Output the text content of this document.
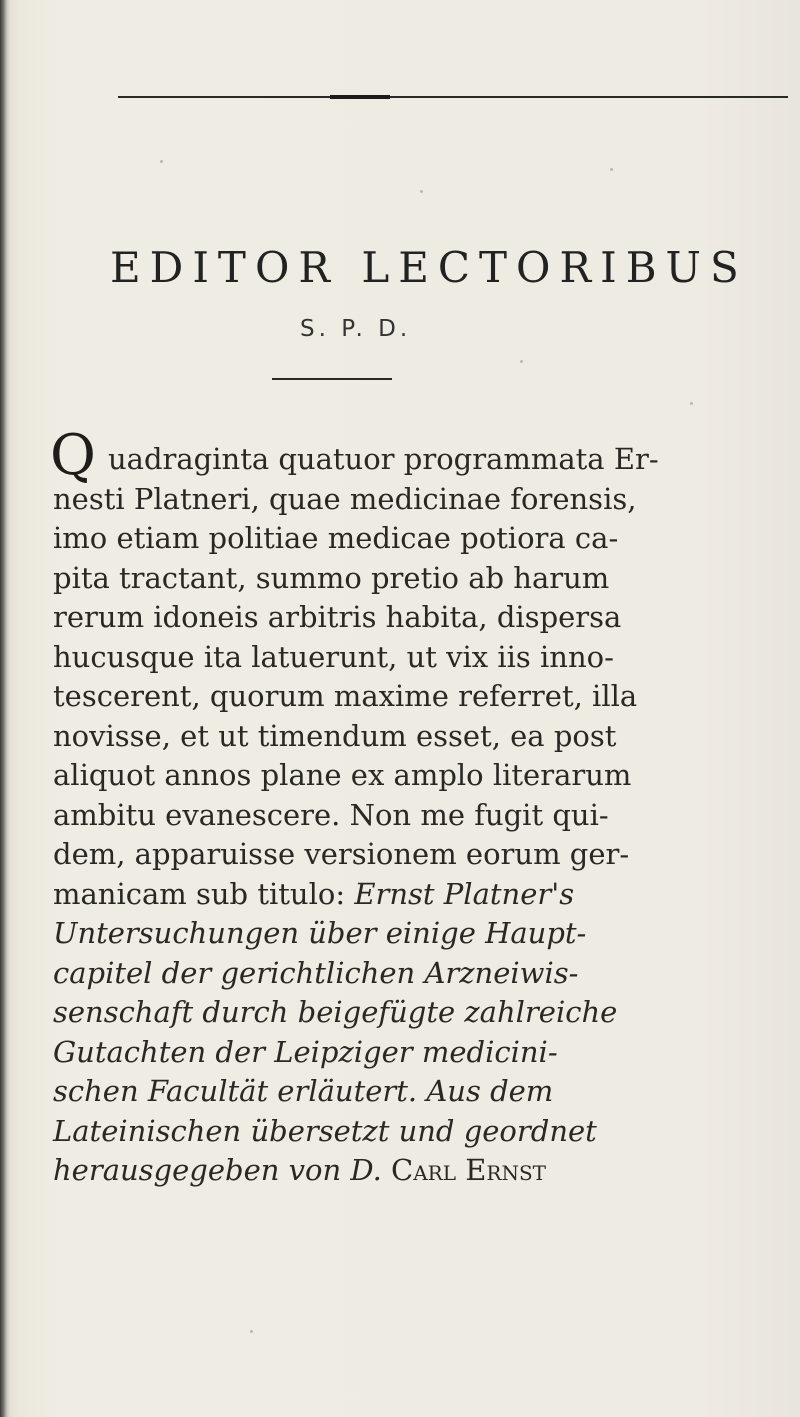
EDITOR LECTORIBUS
S. P. D.
Q uadraginta quatuor programmata Er-
nesti Platneri, quae medicinae forensis,
imo etiam politiae medicae potiora ca-
pita tractant, summo pretio ab harum
rerum idoneis arbitris habita, dispersa
hucusque ita latuerunt, ut vix iis inno-
tescerent, quorum maxime referret, illa
novisse, et ut timendum esset, ea post
aliquot annos plane ex amplo literarum
ambitu evanescere. Non me fugit qui-
dem, apparuisse versionem eorum ger-
manicam sub titulo: Ernst Platner's
Untersuchungen über einige Haupt-
capitel der gerichtlichen Arzneiwis-
senschaft durch beigefügte zahlreiche
Gutachten der Leipziger medicini-
schen Facultät erläutert. Aus dem
Lateinischen übersetzt und geordnet
herausgegeben von D. Carl Ernst
